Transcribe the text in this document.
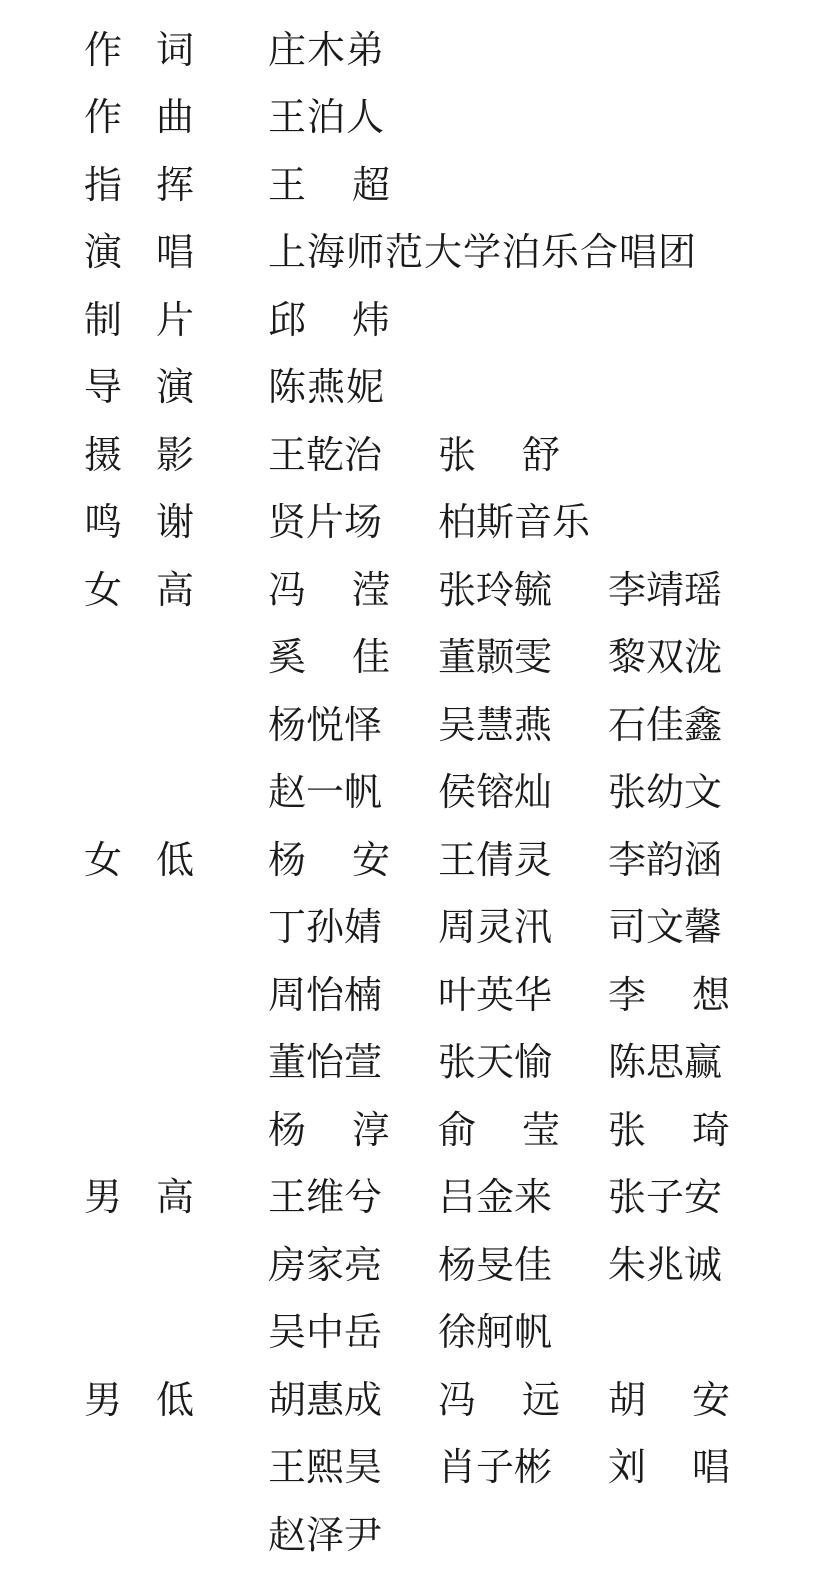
作 词 庄木弟
作 曲 王泊人
指 挥 王 超
演 唱 上海师范大学泊乐合唱团
制 片 邱 炜
导 演 陈燕妮
摄 影 王乾治 张 舒
鸣 谢 贤片场 柏斯音乐
女 高 冯 滢 张玲毓 李靖瑶
奚 佳 董颢雯 黎双泷
杨悦怿 吴慧燕 石佳鑫
赵一帆 侯镕灿 张幼文
女 低 杨 安 王倩灵 李韵涵
丁孙婧 周灵汛 司文馨
周怡楠 叶英华 李 想
董怡萱 张天愉 陈思赢
杨 淳 俞 莹 张 琦
男 高 王维兮 吕金来 张子安
房家亮 杨旻佳 朱兆诚
吴中岳 徐舸帆
男 低 胡惠成 冯 远 胡 安
王熙昊 肖子彬 刘 唱
赵泽尹
